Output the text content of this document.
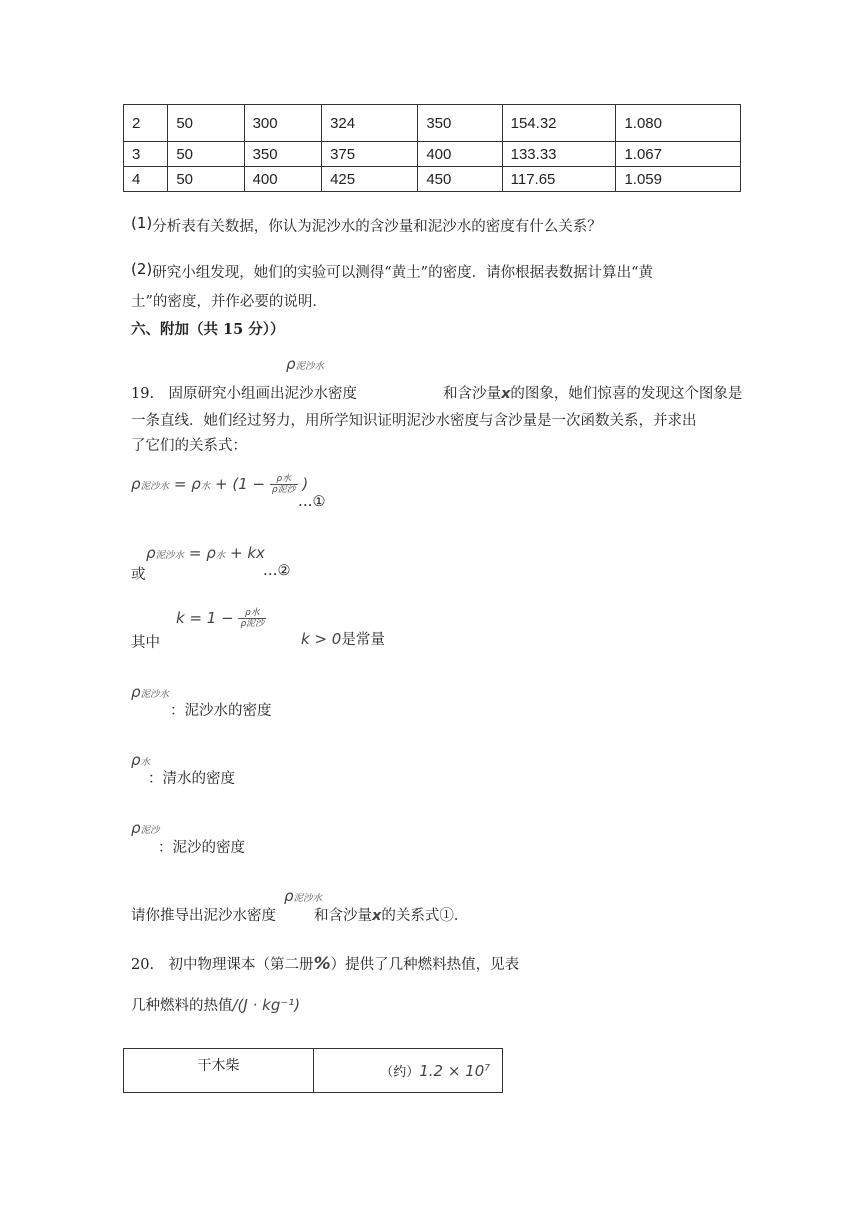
2	50	300	324	350	154.32	1.080
3	50	350	375	400	133.33	1.067
4	50	400	425	450	117.65	1.059
(1)分析表有关数据，你认为泥沙水的含沙量和泥沙水的密度有什么关系？
(2)研究小组发现，她们的实验可以测得“黄土”的密度．请你根据表数据计算出“黄
土”的密度，并作必要的说明．
六、附加（共 15 分））
19.　固原研究小组画出泥沙水密度	和含沙量x的图象，她们惊喜的发现这个图象是
ρ泥沙水
一条直线．她们经过努力，用所学知识证明泥沙水密度与含沙量是一次函数关系，并求出
了它们的关系式：
ρ泥沙水 = ρ水 + ($1 - \frac{\text{ρ水}}{\text{ρ泥沙}}$ )
…①
ρ泥沙水 = ρ水 + kx
或	…②
其中
$k = 1 - \frac{\text{ρ水}}{\text{ρ泥沙}}$
k > 0是常量
ρ泥沙水
：泥沙水的密度
ρ水
：清水的密度
ρ泥沙
：泥沙的密度
ρ泥沙水
请你推导出泥沙水密度	和含沙量x的关系式①．
20.　初中物理课本（第二册%）提供了几种燃料热值，见表
几种燃料的热值/(J · kg⁻¹)
干木柴	（约）$1.2 \times 10^7$
